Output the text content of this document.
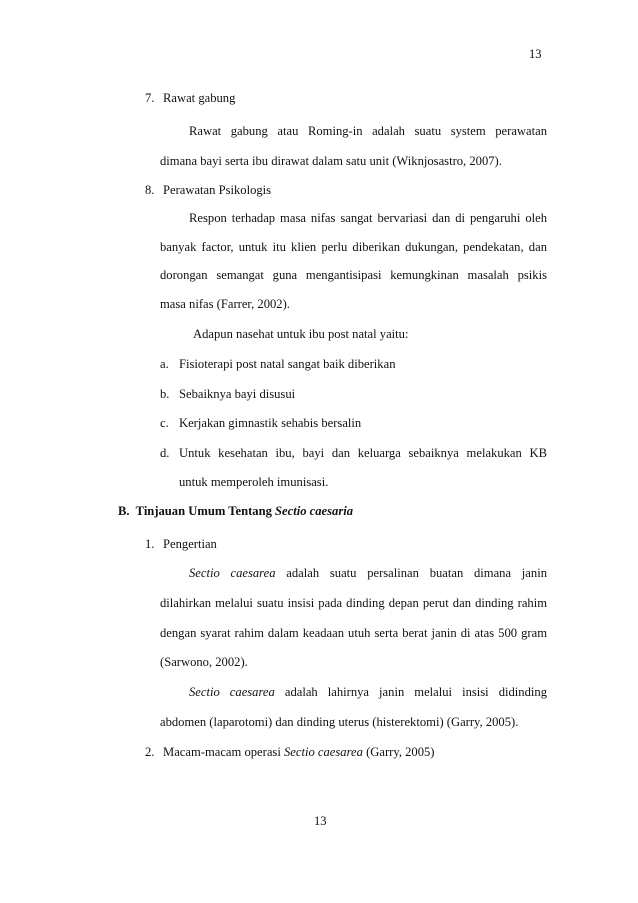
13
7. Rawat gabung
Rawat gabung atau Roming-in adalah suatu system perawatan
dimana bayi serta ibu dirawat dalam satu unit (Wiknjosastro, 2007).
8. Perawatan Psikologis
Respon terhadap masa nifas sangat bervariasi dan di pengaruhi oleh
banyak factor, untuk itu klien perlu diberikan dukungan, pendekatan, dan
dorongan semangat guna mengantisipasi kemungkinan masalah psikis
masa nifas (Farrer, 2002).
Adapun nasehat untuk ibu post natal yaitu:
a. Fisioterapi post natal sangat baik diberikan
b. Sebaiknya bayi disusui
c. Kerjakan gimnastik sehabis bersalin
d. Untuk kesehatan ibu, bayi dan keluarga sebaiknya melakukan KB
untuk memperoleh imunisasi.
B. Tinjauan Umum Tentang Sectio caesaria
1. Pengertian
Sectio caesarea adalah suatu persalinan buatan dimana janin
dilahirkan melalui suatu insisi pada dinding depan perut dan dinding rahim
dengan syarat rahim dalam keadaan utuh serta berat janin di atas 500 gram
(Sarwono, 2002).
Sectio caesarea adalah lahirnya janin melalui insisi didinding
abdomen (laparotomi) dan dinding uterus (histerektomi) (Garry, 2005).
2. Macam-macam operasi Sectio caesarea (Garry, 2005)
13
